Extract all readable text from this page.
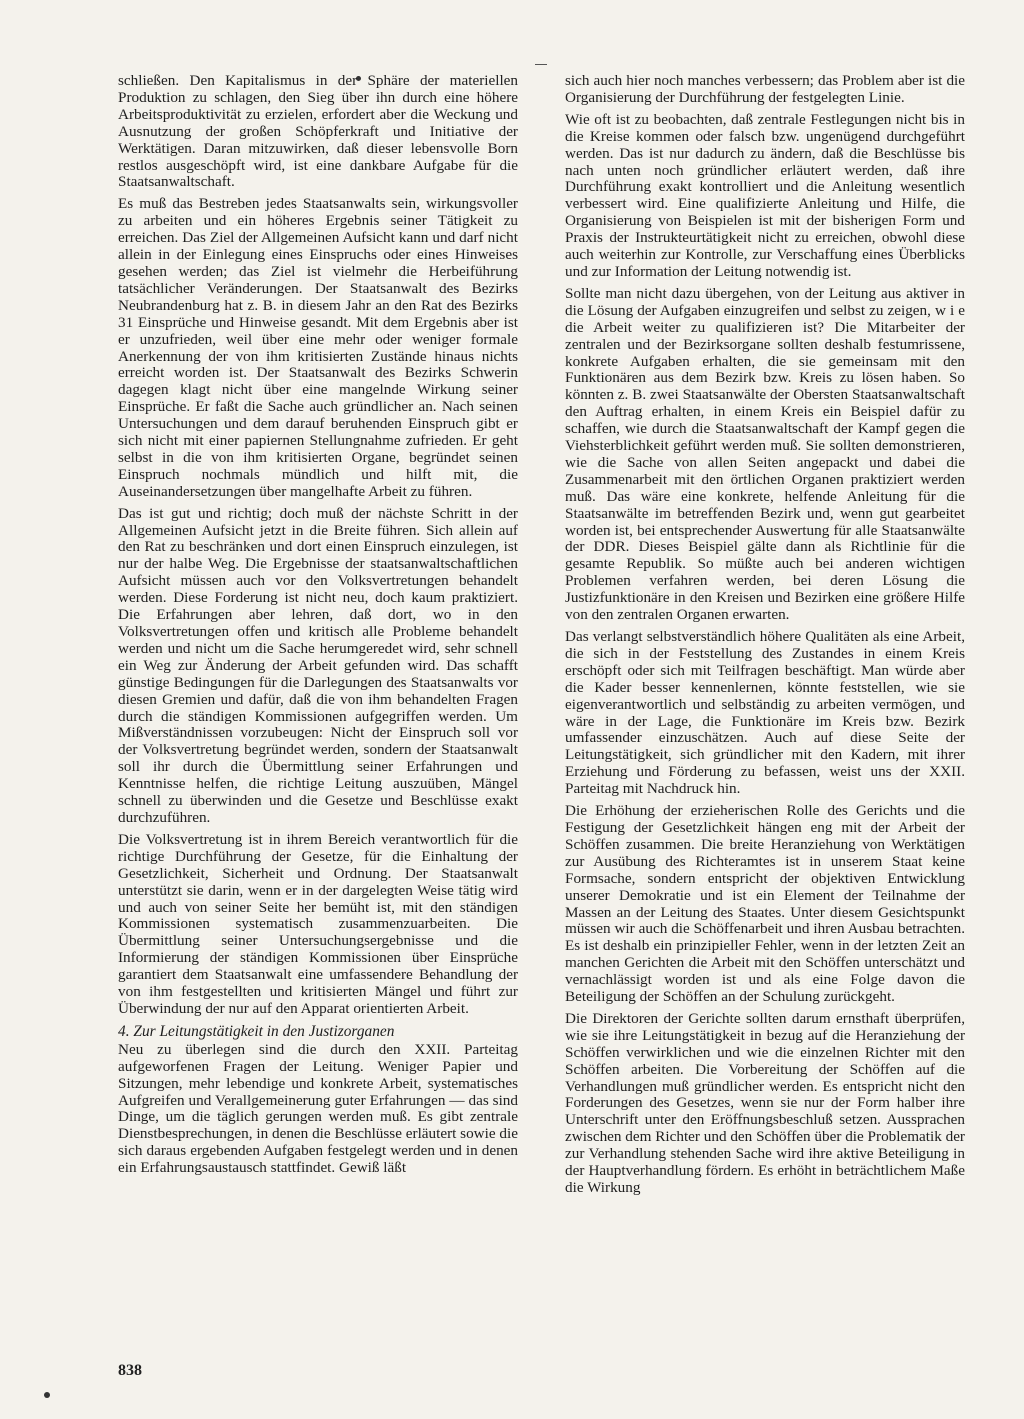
schließen. Den Kapitalismus in der Sphäre der materiellen Produktion zu schlagen, den Sieg über ihn durch eine höhere Arbeitsproduktivität zu erzielen, erfordert aber die Weckung und Ausnutzung der großen Schöpferkraft und Initiative der Werktätigen. Daran mitzuwirken, daß dieser lebensvolle Born restlos ausgeschöpft wird, ist eine dankbare Aufgabe für die Staatsanwaltschaft.

Es muß das Bestreben jedes Staatsanwalts sein, wirkungsvoller zu arbeiten und ein höheres Ergebnis seiner Tätigkeit zu erreichen. Das Ziel der Allgemeinen Aufsicht kann und darf nicht allein in der Einlegung eines Einspruchs oder eines Hinweises gesehen werden; das Ziel ist vielmehr die Herbeiführung tatsächlicher Veränderungen. Der Staatsanwalt des Bezirks Neubrandenburg hat z. B. in diesem Jahr an den Rat des Bezirks 31 Einsprüche und Hinweise gesandt. Mit dem Ergebnis aber ist er unzufrieden, weil über eine mehr oder weniger formale Anerkennung der von ihm kritisierten Zustände hinaus nichts erreicht worden ist. Der Staatsanwalt des Bezirks Schwerin dagegen klagt nicht über eine mangelnde Wirkung seiner Einsprüche. Er faßt die Sache auch gründlicher an. Nach seinen Untersuchungen und dem darauf beruhenden Einspruch gibt er sich nicht mit einer papiernen Stellungnahme zufrieden. Er geht selbst in die von ihm kritisierten Organe, begründet seinen Einspruch nochmals mündlich und hilft mit, die Auseinandersetzungen über mangelhafte Arbeit zu führen.

Das ist gut und richtig; doch muß der nächste Schritt in der Allgemeinen Aufsicht jetzt in die Breite führen. Sich allein auf den Rat zu beschränken und dort einen Einspruch einzulegen, ist nur der halbe Weg. Die Ergebnisse der staatsanwaltschaftlichen Aufsicht müssen auch vor den Volksvertretungen behandelt werden. Diese Forderung ist nicht neu, doch kaum praktiziert. Die Erfahrungen aber lehren, daß dort, wo in den Volksvertretungen offen und kritisch alle Probleme behandelt werden und nicht um die Sache herumgeredet wird, sehr schnell ein Weg zur Änderung der Arbeit gefunden wird. Das schafft günstige Bedingungen für die Darlegungen des Staatsanwalts vor diesen Gremien und dafür, daß die von ihm behandelten Fragen durch die ständigen Kommissionen aufgegriffen werden. Um Mißverständnissen vorzubeugen: Nicht der Einspruch soll vor der Volksvertretung begründet werden, sondern der Staatsanwalt soll ihr durch die Übermittlung seiner Erfahrungen und Kenntnisse helfen, die richtige Leitung auszuüben, Mängel schnell zu überwinden und die Gesetze und Beschlüsse exakt durchzuführen.

Die Volksvertretung ist in ihrem Bereich verantwortlich für die richtige Durchführung der Gesetze, für die Einhaltung der Gesetzlichkeit, Sicherheit und Ordnung. Der Staatsanwalt unterstützt sie darin, wenn er in der dargelegten Weise tätig wird und auch von seiner Seite her bemüht ist, mit den ständigen Kommissionen systematisch zusammenzuarbeiten. Die Übermittlung seiner Untersuchungsergebnisse und die Informierung der ständigen Kommissionen über Einsprüche garantiert dem Staatsanwalt eine umfassendere Behandlung der von ihm festgestellten und kritisierten Mängel und führt zur Überwindung der nur auf den Apparat orientierten Arbeit.

4. Zur Leitungstätigkeit in den Justizorganen

Neu zu überlegen sind die durch den XXII. Parteitag aufgeworfenen Fragen der Leitung. Weniger Papier und Sitzungen, mehr lebendige und konkrete Arbeit, systematisches Aufgreifen und Verallgemeinerung guter Erfahrungen — das sind Dinge, um die täglich gerungen werden muß. Es gibt zentrale Dienstbesprechungen, in denen die Beschlüsse erläutert sowie die sich daraus ergebenden Aufgaben festgelegt werden und in denen ein Erfahrungsaustausch stattfindet. Gewiß läßt

sich auch hier noch manches verbessern; das Problem aber ist die Organisierung der Durchführung der festgelegten Linie.

Wie oft ist zu beobachten, daß zentrale Festlegungen nicht bis in die Kreise kommen oder falsch bzw. ungenügend durchgeführt werden. Das ist nur dadurch zu ändern, daß die Beschlüsse bis nach unten noch gründlicher erläutert werden, daß ihre Durchführung exakt kontrolliert und die Anleitung wesentlich verbessert wird. Eine qualifizierte Anleitung und Hilfe, die Organisierung von Beispielen ist mit der bisherigen Form und Praxis der Instrukteurtätigkeit nicht zu erreichen, obwohl diese auch weiterhin zur Kontrolle, zur Verschaffung eines Überblicks und zur Information der Leitung notwendig ist.

Sollte man nicht dazu übergehen, von der Leitung aus aktiver in die Lösung der Aufgaben einzugreifen und selbst zu zeigen, w i e die Arbeit weiter zu qualifizieren ist? Die Mitarbeiter der zentralen und der Bezirksorgane sollten deshalb festumrissene, konkrete Aufgaben erhalten, die sie gemeinsam mit den Funktionären aus dem Bezirk bzw. Kreis zu lösen haben. So könnten z. B. zwei Staatsanwälte der Obersten Staatsanwaltschaft den Auftrag erhalten, in einem Kreis ein Beispiel dafür zu schaffen, wie durch die Staatsanwaltschaft der Kampf gegen die Viehsterblichkeit geführt werden muß. Sie sollten demonstrieren, wie die Sache von allen Seiten angepackt und dabei die Zusammenarbeit mit den örtlichen Organen praktiziert werden muß. Das wäre eine konkrete, helfende Anleitung für die Staatsanwälte im betreffenden Bezirk und, wenn gut gearbeitet worden ist, bei entsprechender Auswertung für alle Staatsanwälte der DDR. Dieses Beispiel gälte dann als Richtlinie für die gesamte Republik. So müßte auch bei anderen wichtigen Problemen verfahren werden, bei deren Lösung die Justizfunktionäre in den Kreisen und Bezirken eine größere Hilfe von den zentralen Organen erwarten.

Das verlangt selbstverständlich höhere Qualitäten als eine Arbeit, die sich in der Feststellung des Zustandes in einem Kreis erschöpft oder sich mit Teilfragen beschäftigt. Man würde aber die Kader besser kennenlernen, könnte feststellen, wie sie eigenverantwortlich und selbständig zu arbeiten vermögen, und wäre in der Lage, die Funktionäre im Kreis bzw. Bezirk umfassender einzuschätzen. Auch auf diese Seite der Leitungstätigkeit, sich gründlicher mit den Kadern, mit ihrer Erziehung und Förderung zu befassen, weist uns der XXII. Parteitag mit Nachdruck hin.

Die Erhöhung der erzieherischen Rolle des Gerichts und die Festigung der Gesetzlichkeit hängen eng mit der Arbeit der Schöffen zusammen. Die breite Heranziehung von Werktätigen zur Ausübung des Richteramtes ist in unserem Staat keine Formsache, sondern entspricht der objektiven Entwicklung unserer Demokratie und ist ein Element der Teilnahme der Massen an der Leitung des Staates. Unter diesem Gesichtspunkt müssen wir auch die Schöffenarbeit und ihren Ausbau betrachten. Es ist deshalb ein prinzipieller Fehler, wenn in der letzten Zeit an manchen Gerichten die Arbeit mit den Schöffen unterschätzt und vernachlässigt worden ist und als eine Folge davon die Beteiligung der Schöffen an der Schulung zurückgeht.

Die Direktoren der Gerichte sollten darum ernsthaft überprüfen, wie sie ihre Leitungstätigkeit in bezug auf die Heranziehung der Schöffen verwirklichen und wie die einzelnen Richter mit den Schöffen arbeiten. Die Vorbereitung der Schöffen auf die Verhandlungen muß gründlicher werden. Es entspricht nicht den Forderungen des Gesetzes, wenn sie nur der Form halber ihre Unterschrift unter den Eröffnungsbeschluß setzen. Aussprachen zwischen dem Richter und den Schöffen über die Problematik der zur Verhandlung stehenden Sache wird ihre aktive Beteiligung in der Hauptverhandlung fördern. Es erhöht in beträchtlichem Maße die Wirkung

838
